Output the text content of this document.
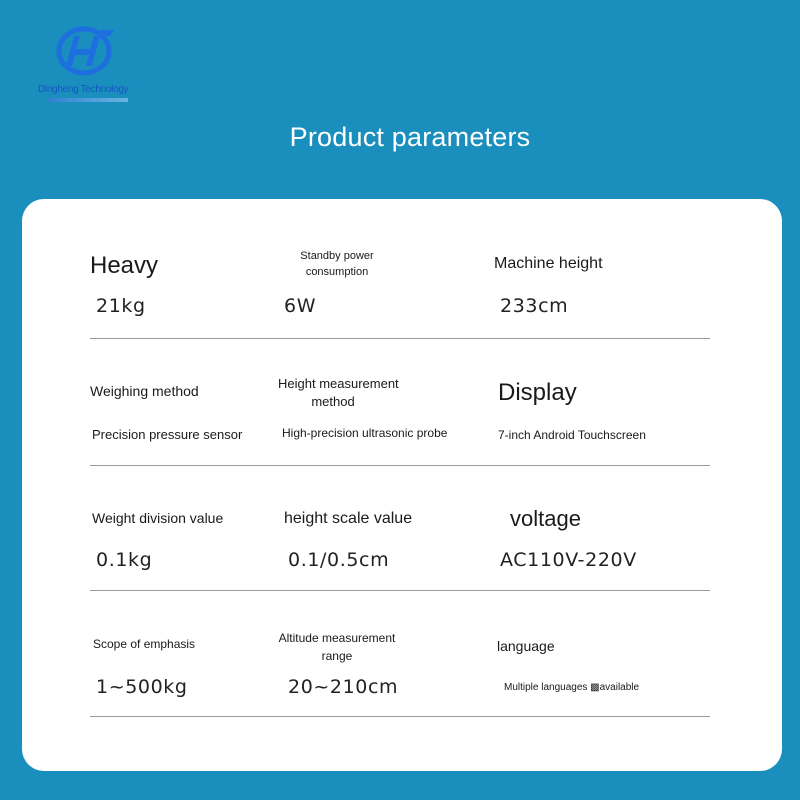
Dingheng Technology
Product parameters
Heavy
21kg
Standby power
consumption
6W
Machine height
233cm
Weighing method
Precision pressure sensor
Height measurement
method
High-precision ultrasonic probe
Display
7-inch Android Touchscreen
Weight division value
0.1kg
height scale value
0.1/0.5cm
voltage
AC110V-220V
Scope of emphasis
1~500kg
Altitude measurement
range
20~210cm
language
Multiple languages ▩available
